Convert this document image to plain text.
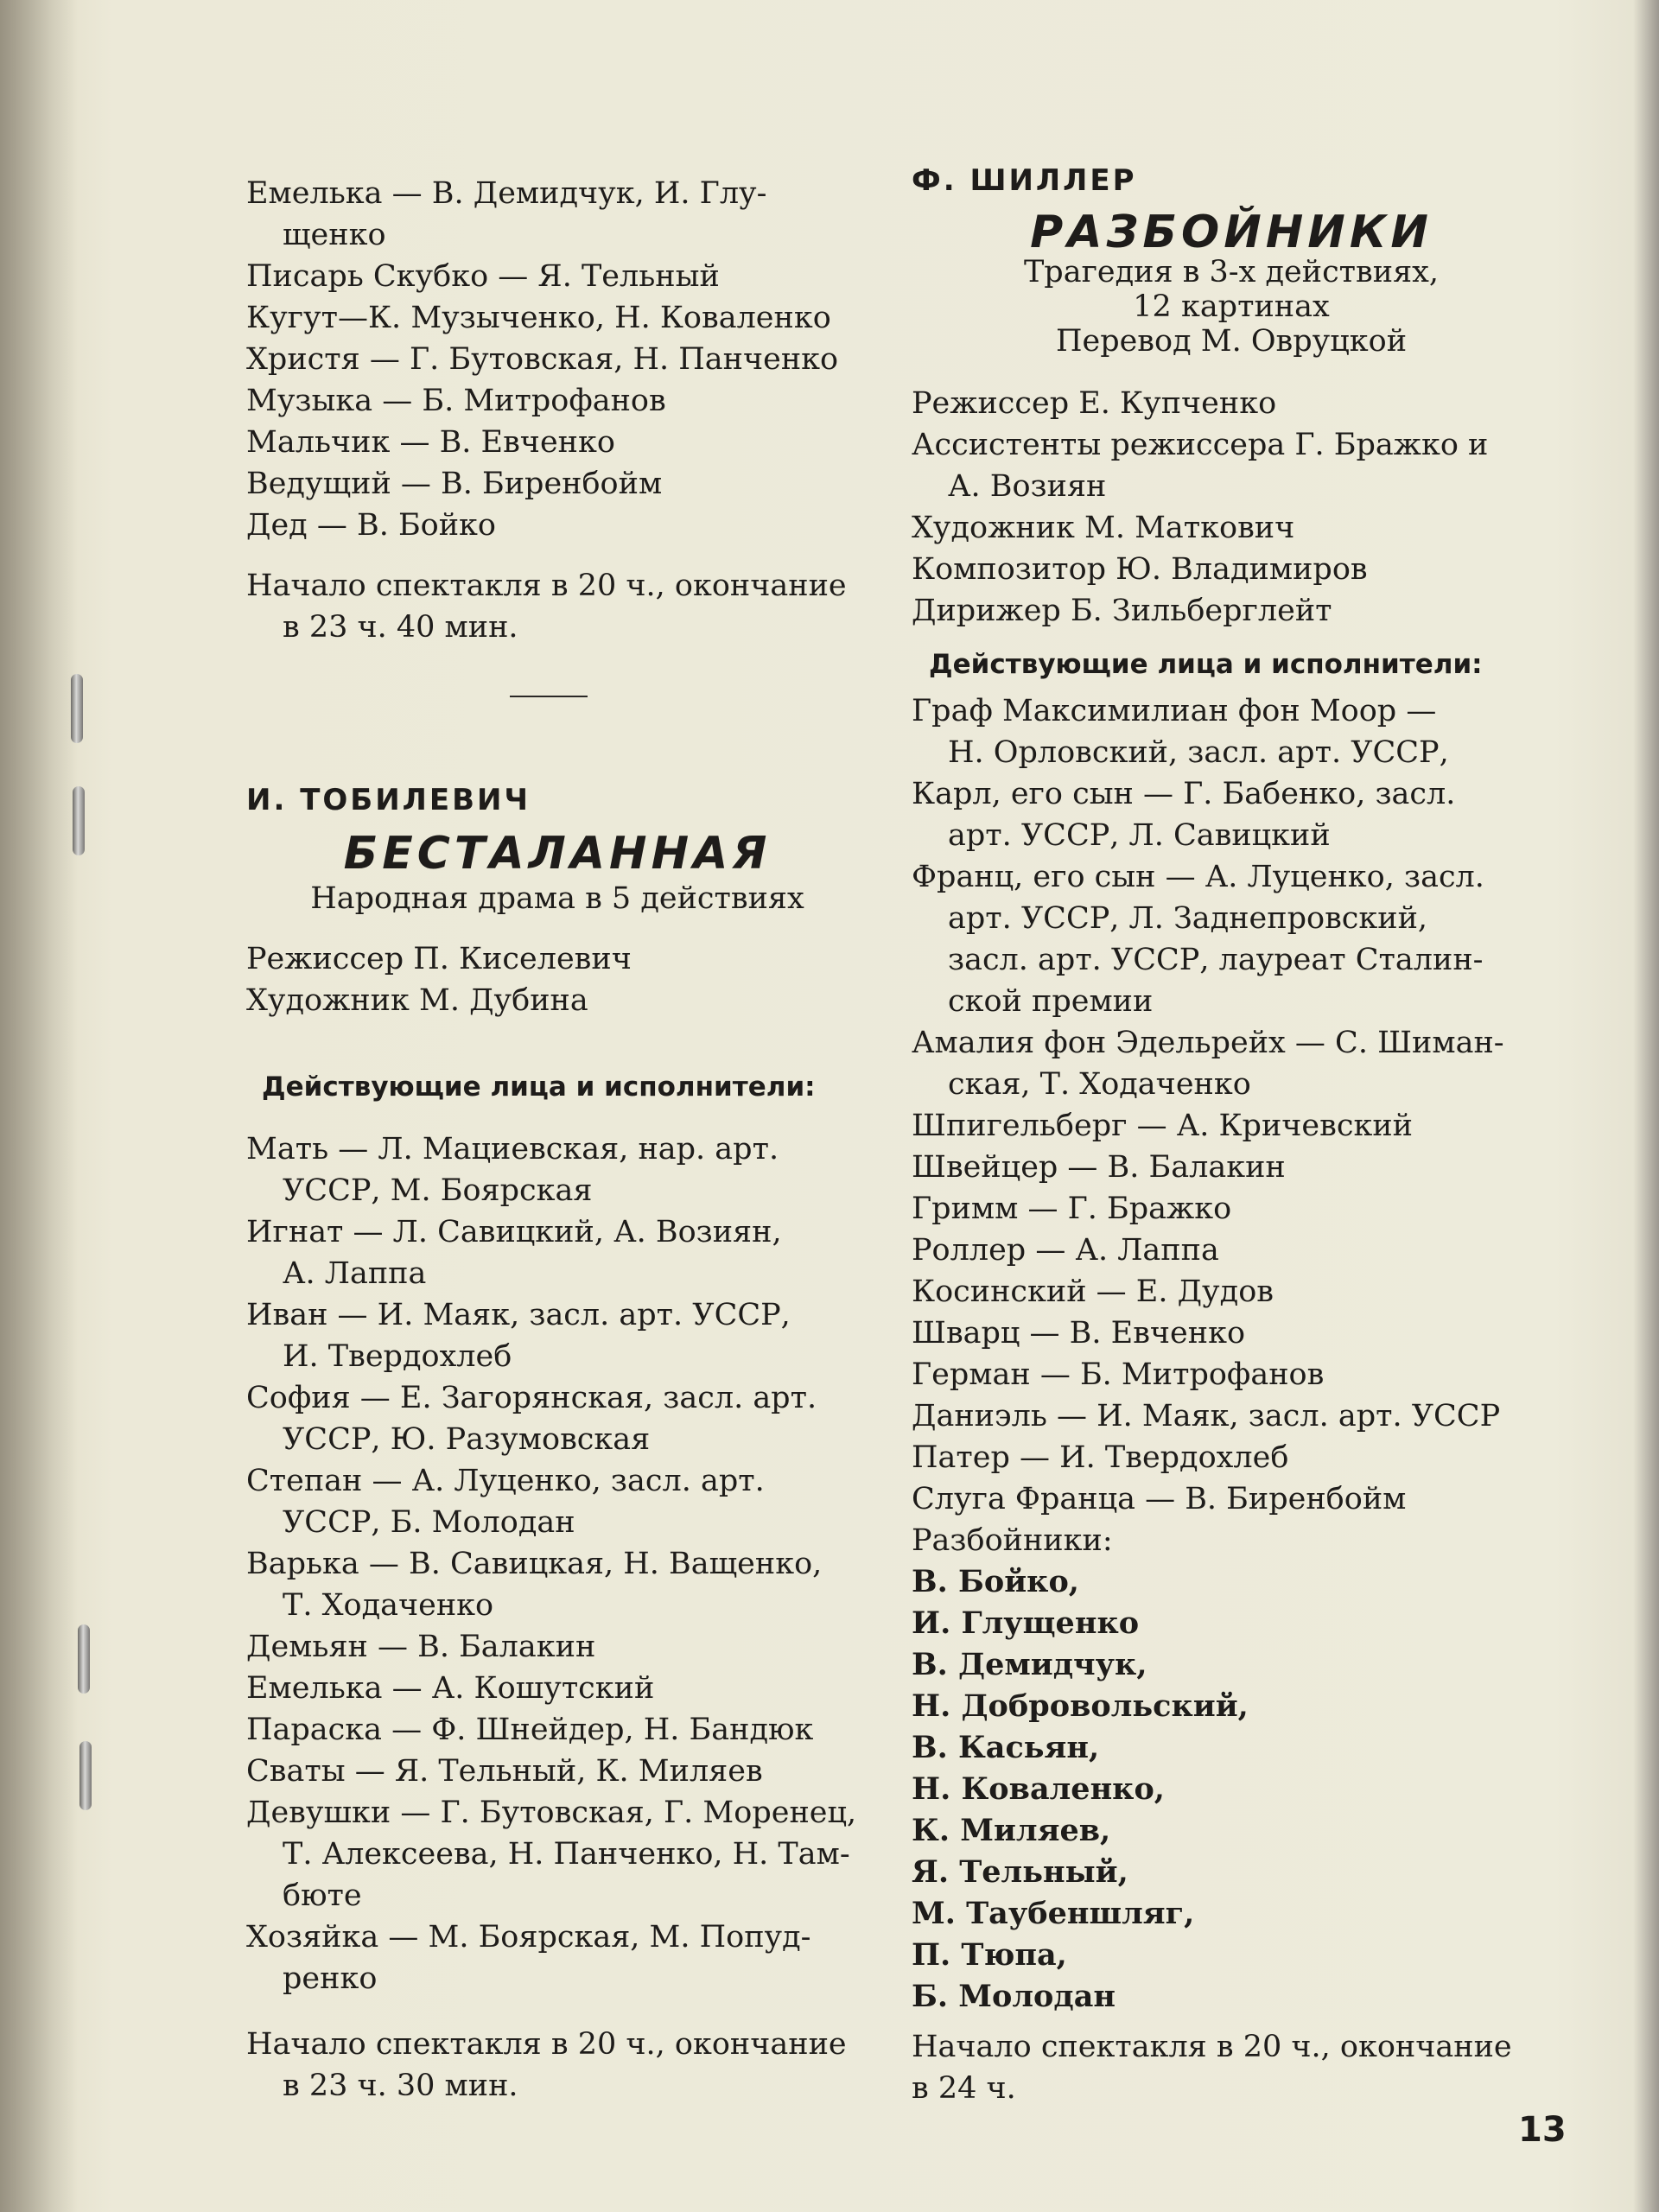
Емелька — В. Демидчук, И. Глу-
щенко
Писарь Скубко — Я. Тельный
Кугут—К. Музыченко, Н. Коваленко
Христя — Г. Бутовская, Н. Панченко
Музыка — Б. Митрофанов
Мальчик — В. Евченко
Ведущий — В. Биренбойм
Дед — В. Бойко
Начало спектакля в 20 ч., окончание
в 23 ч. 40 мин.
И. ТОБИЛЕВИЧ
БЕСТАЛАННАЯ
Народная драма в 5 действиях
Режиссер П. Киселевич
Художник М. Дубина
Действующие лица и исполнители:
Мать — Л. Мациевская, нар. арт.
УССР, М. Боярская
Игнат — Л. Савицкий, А. Возиян,
А. Лаппа
Иван — И. Маяк, засл. арт. УССР,
И. Твердохлеб
София — Е. Загорянская, засл. арт.
УССР, Ю. Разумовская
Степан — А. Луценко, засл. арт.
УССР, Б. Молодан
Варька — В. Савицкая, Н. Ващенко,
Т. Ходаченко
Демьян — В. Балакин
Емелька — А. Кошутский
Параска — Ф. Шнейдер, Н. Бандюк
Сваты — Я. Тельный, К. Миляев
Девушки — Г. Бутовская, Г. Моренец,
Т. Алексеева, Н. Панченко, Н. Там-
бюте
Хозяйка — М. Боярская, М. Попуд-
ренко
Начало спектакля в 20 ч., окончание
в 23 ч. 30 мин.
Ф. ШИЛЛЕР
РАЗБОЙНИКИ
Трагедия в 3-х действиях,
12 картинах
Перевод М. Овруцкой
Режиссер Е. Купченко
Ассистенты режиссера Г. Бражко и
А. Возиян
Художник М. Маткович
Композитор Ю. Владимиров
Дирижер Б. Зильберглейт
Действующие лица и исполнители:
Граф Максимилиан фон Моор —
Н. Орловский, засл. арт. УССР,
Карл, его сын — Г. Бабенко, засл.
арт. УССР, Л. Савицкий
Франц, его сын — А. Луценко, засл.
арт. УССР, Л. Заднепровский,
засл. арт. УССР, лауреат Сталин-
ской премии
Амалия фон Эдельрейх — С. Шиман-
ская, Т. Ходаченко
Шпигельберг — А. Кричевский
Швейцер — В. Балакин
Гримм — Г. Бражко
Роллер — А. Лаппа
Косинский — Е. Дудов
Шварц — В. Евченко
Герман — Б. Митрофанов
Даниэль — И. Маяк, засл. арт. УССР
Патер — И. Твердохлеб
Слуга Франца — В. Биренбойм
Разбойники:
В. Бойко,
И. Глущенко
В. Демидчук,
Н. Добровольский,
В. Касьян,
Н. Коваленко,
К. Миляев,
Я. Тельный,
М. Таубеншляг,
П. Тюпа,
Б. Молодан
Начало спектакля в 20 ч., окончание
в 24 ч.
13
